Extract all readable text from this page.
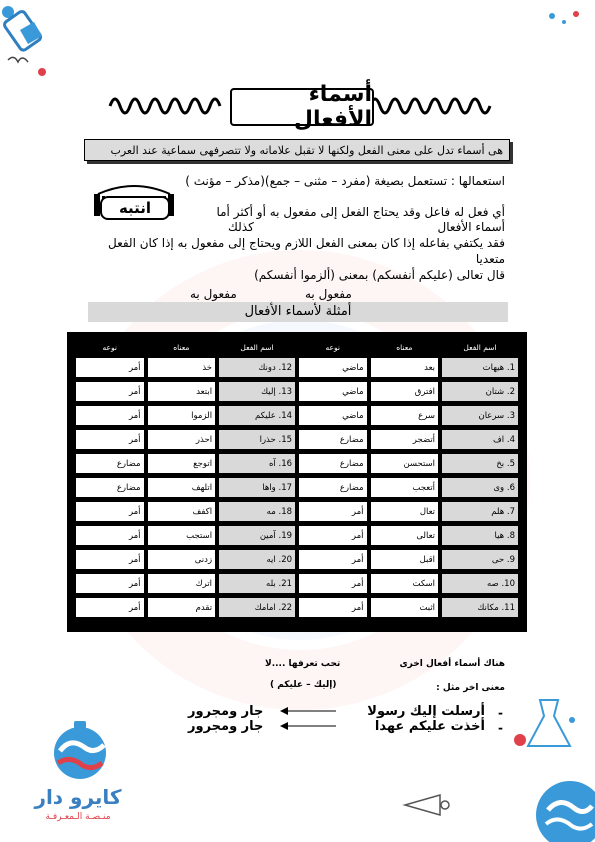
أسماء الأفعال
هى أسماء تدل على معنى الفعل ولكنها لا تقبل علاماته ولا تتصرفهى سماعية عند العرب
استعمالها : تستعمل بصيغة (مفرد – مثنى – جمع)(مذكر – مؤنث )
انتبه	أي فعل له فاعل وقد يحتاج الفعل إلى مفعول به أو أكثر أما
أسماء الأفعال
كذلك
فقد يكتفي بفاعله إذا كان بمعنى الفعل اللازم ويحتاج إلى مفعول به إذا كان الفعل
متعديا
قال تعالى (عليكم أنفسكم) بمعنى (ألزموا أنفسكم)
مفعول به
مفعول به
أمثلة لأسماء الأفعال
اسم الفعل	معناه	نوعه	اسم الفعل	معناه	نوعه
1. هيهات	بعد	ماضي	12. دونك	خذ	أمر
2. شتان	افترق	ماضي	13. إليك	ابتعد	أمر
3. سرعان	سرع	ماضي	14. عليكم	الزموا	أمر
4. اف	أتضجر	مضارع	15. حذرا	احذر	أمر
5. بخ	استحسن	مضارع	16. آه	اتوجع	مضارع
6. وى	أتعجب	مضارع	17. واها	اتلهف	مضارع
7. هلم	تعال	أمر	18. مه	اكفف	أمر
8. هيا	تعالى	أمر	19. آمين	استجب	أمر
9. حى	اقبل	أمر	20. ايه	زدنى	أمر
10. صه	اسكت	أمر	21. بله	اترك	أمر
11. مكانك	اثبت	أمر	22. امامك	تقدم	أمر
هناك أسماء أفعال اخرى
تحب تعرفها ....لا
معنى اخر مثل :
(إليك – عليكم )
-
أرسلت إليك رسولا
جار ومجرور
-
أخذت عليكم عهدا
جار ومجرور
كايرو دار
منـصـة الـمعـرفـة
